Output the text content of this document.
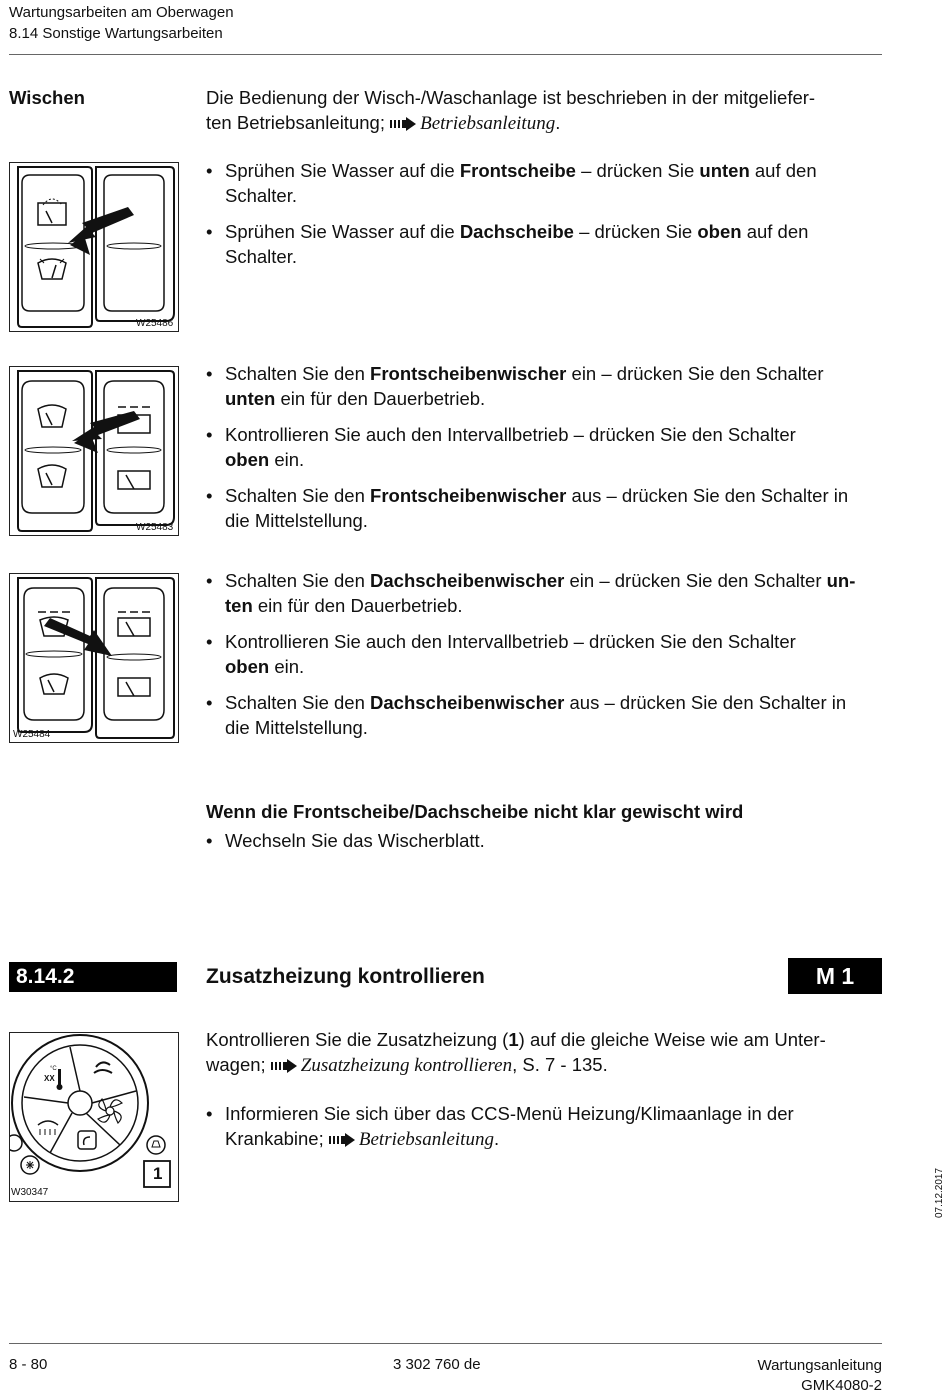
Wartungsarbeiten am Oberwagen
8.14 Sonstige Wartungsarbeiten
Wischen	Die Bedienung der Wisch-/Waschanlage ist beschrieben in der mitgeliefer-
ten Betriebsanleitung; Betriebsanleitung.
W25486
• Sprühen Sie Wasser auf die Frontscheibe – drücken Sie unten auf den
Schalter.
• Sprühen Sie Wasser auf die Dachscheibe – drücken Sie oben auf den
Schalter.
W25483
• Schalten Sie den Frontscheibenwischer ein – drücken Sie den Schalter
unten ein für den Dauerbetrieb.
• Kontrollieren Sie auch den Intervallbetrieb – drücken Sie den Schalter
oben ein.
• Schalten Sie den Frontscheibenwischer aus – drücken Sie den Schalter in
die Mittelstellung.
W25484
• Schalten Sie den Dachscheibenwischer ein – drücken Sie den Schalter un-
ten ein für den Dauerbetrieb.
• Kontrollieren Sie auch den Intervallbetrieb – drücken Sie den Schalter
oben ein.
• Schalten Sie den Dachscheibenwischer aus – drücken Sie den Schalter in
die Mittelstellung.
Wenn die Frontscheibe/Dachscheibe nicht klar gewischt wird
• Wechseln Sie das Wischerblatt.
8.14.2	Zusatzheizung kontrollieren	M 1
1
XX
°C
W30347
Kontrollieren Sie die Zusatzheizung (1) auf die gleiche Weise wie am Unter-
wagen; Zusatzheizung kontrollieren, S. 7 - 135.
• Informieren Sie sich über das CCS-Menü Heizung/Klimaanlage in der
Krankabine; Betriebsanleitung.
07.12.2017
8 - 80	3 302 760 de	Wartungsanleitung
GMK4080-2
